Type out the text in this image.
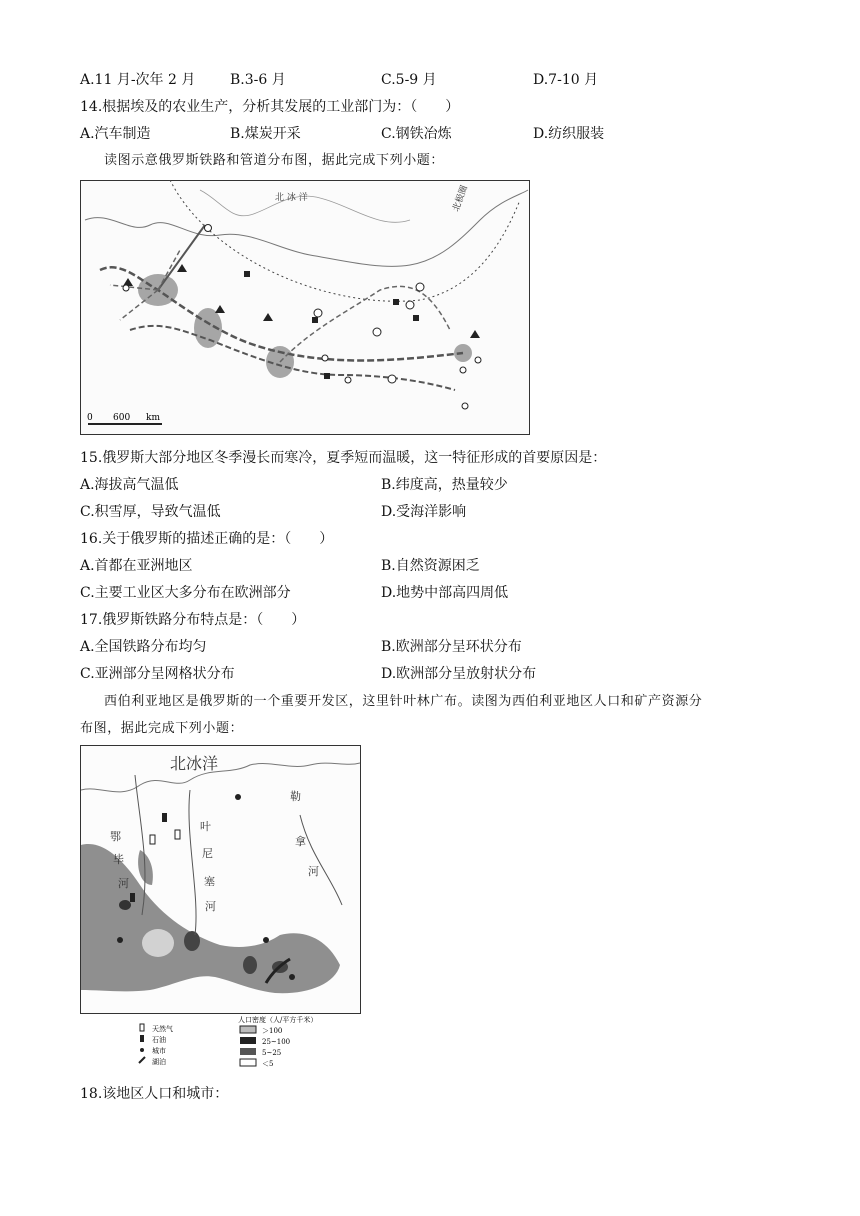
A.11 月-次年 2 月 B.3-6 月	C.5-9 月	D.7-10 月
14.根据埃及的农业生产，分析其发展的工业部门为：（　　）
A.汽车制造	B.煤炭开采	C.钢铁冶炼	D.纺织服装
读图示意俄罗斯铁路和管道分布图，据此完成下列小题：
北 冰 洋	北极圈
0 600 km
15.俄罗斯大部分地区冬季漫长而寒冷，夏季短而温暖，这一特征形成的首要原因是：
A.海拔高气温低	B.纬度高，热量较少
C.积雪厚，导致气温低	D.受海洋影响
16.关于俄罗斯的描述正确的是：（　　）
A.首都在亚洲地区	B.自然资源困乏
C.主要工业区大多分布在欧洲部分	D.地势中部高四周低
17.俄罗斯铁路分布特点是：（　　）
A.全国铁路分布均匀	B.欧洲部分呈环状分布
C.亚洲部分呈网格状分布	D.欧洲部分呈放射状分布
西伯利亚地区是俄罗斯的一个重要开发区，这里针叶林广布。读图为西伯利亚地区人口和矿产资源分
布图，据此完成下列小题：
北冰洋
勒
拿
河
叶
尼
塞
河
鄂
毕
河
天然气
石油
城市
湖泊
人口密度（人/平方千米）
＞100
25~100
5~25
＜5
18.该地区人口和城市：
